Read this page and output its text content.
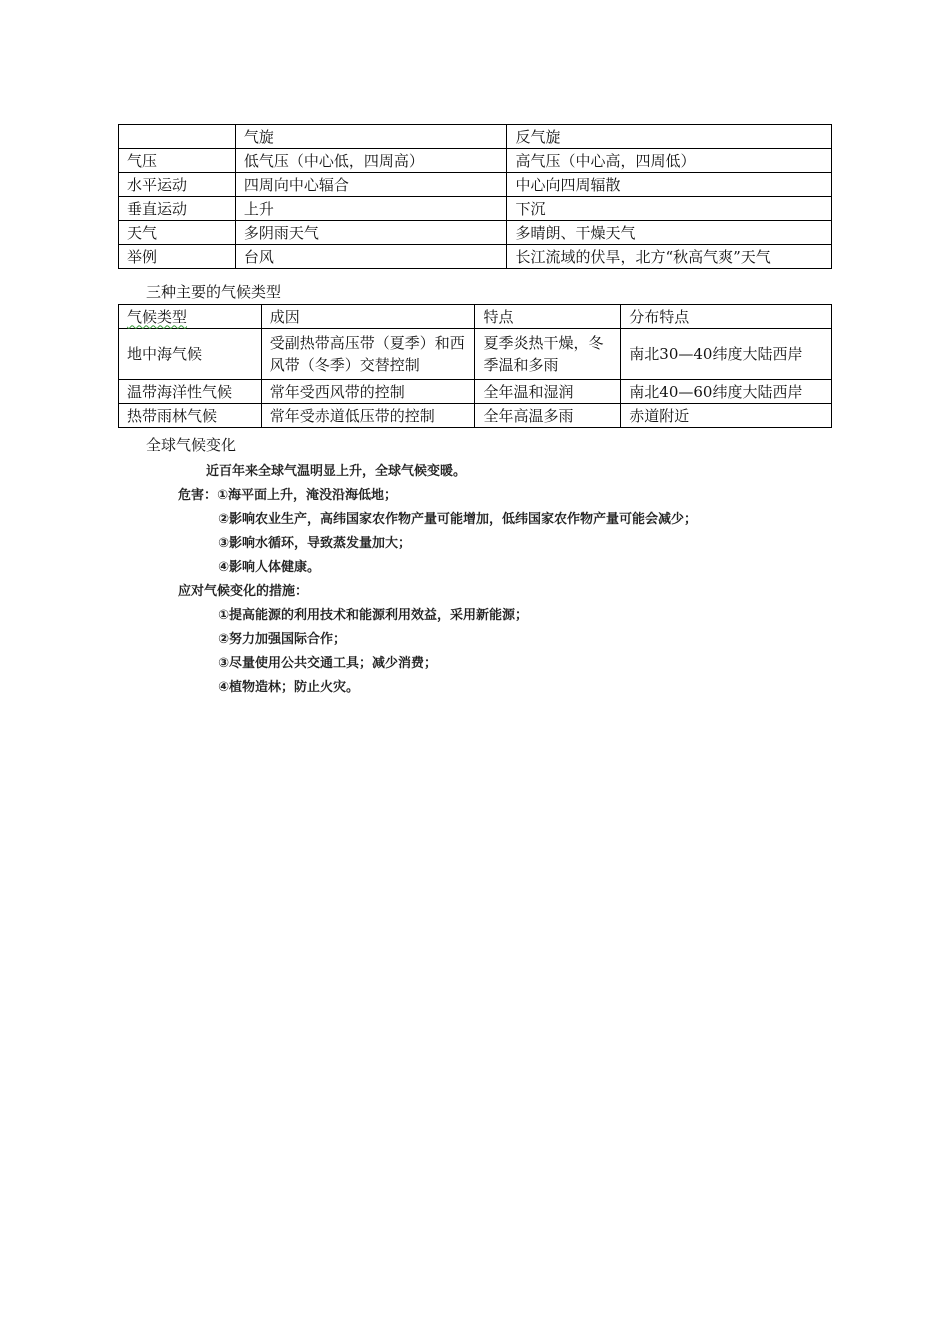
	气旋	反气旋
气压	低气压（中心低，四周高）	高气压（中心高，四周低）
水平运动	四周向中心辐合	中心向四周辐散
垂直运动	上升	下沉
天气	多阴雨天气	多晴朗、干燥天气
举例	台风	长江流域的伏旱，北方“秋高气爽”天气
三种主要的气候类型
气候类型	成因	特点	分布特点
地中海气候	受副热带高压带（夏季）和西风带（冬季）交替控制	夏季炎热干燥，冬季温和多雨	南北30—40纬度大陆西岸
温带海洋性气候	常年受西风带的控制	全年温和湿润	南北40—60纬度大陆西岸
热带雨林气候	常年受赤道低压带的控制	全年高温多雨	赤道附近
全球气候变化
近百年来全球气温明显上升，全球气候变暖。
危害：①海平面上升，淹没沿海低地；
②影响农业生产，高纬国家农作物产量可能增加，低纬国家农作物产量可能会减少；
③影响水循环，导致蒸发量加大；
④影响人体健康。
应对气候变化的措施：
①提高能源的利用技术和能源利用效益，采用新能源；
②努力加强国际合作；
③尽量使用公共交通工具；减少消费；
④植物造林；防止火灾。
